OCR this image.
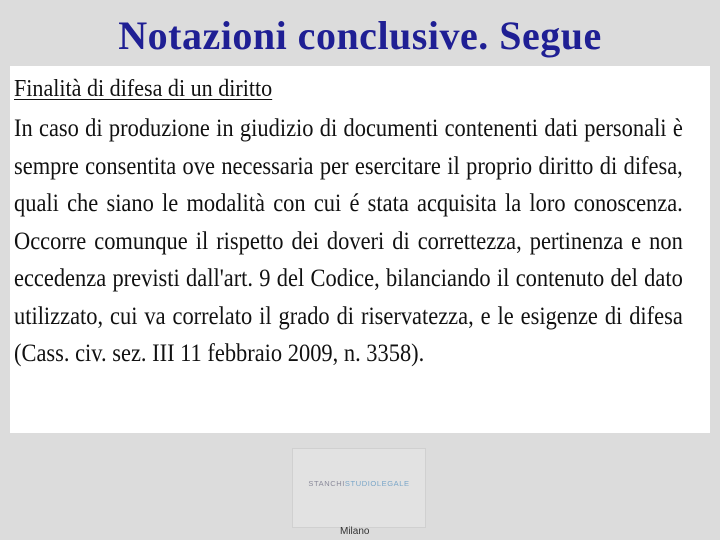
Notazioni conclusive. Segue
Finalità di difesa di un diritto
In caso di produzione in giudizio di documenti contenenti dati personali è
sempre consentita ove necessaria per esercitare il proprio diritto di difesa,
quali che siano le modalità con cui é stata acquisita la loro conoscenza.
Occorre comunque il rispetto dei doveri di correttezza, pertinenza e non
eccedenza previsti dall'art. 9 del Codice, bilanciando il contenuto del dato
utilizzato, cui va correlato il grado di riservatezza, e le esigenze di difesa
(Cass. civ. sez. III 11 febbraio 2009, n. 3358).
STANCHISTUDIOLEGALE
Milano
